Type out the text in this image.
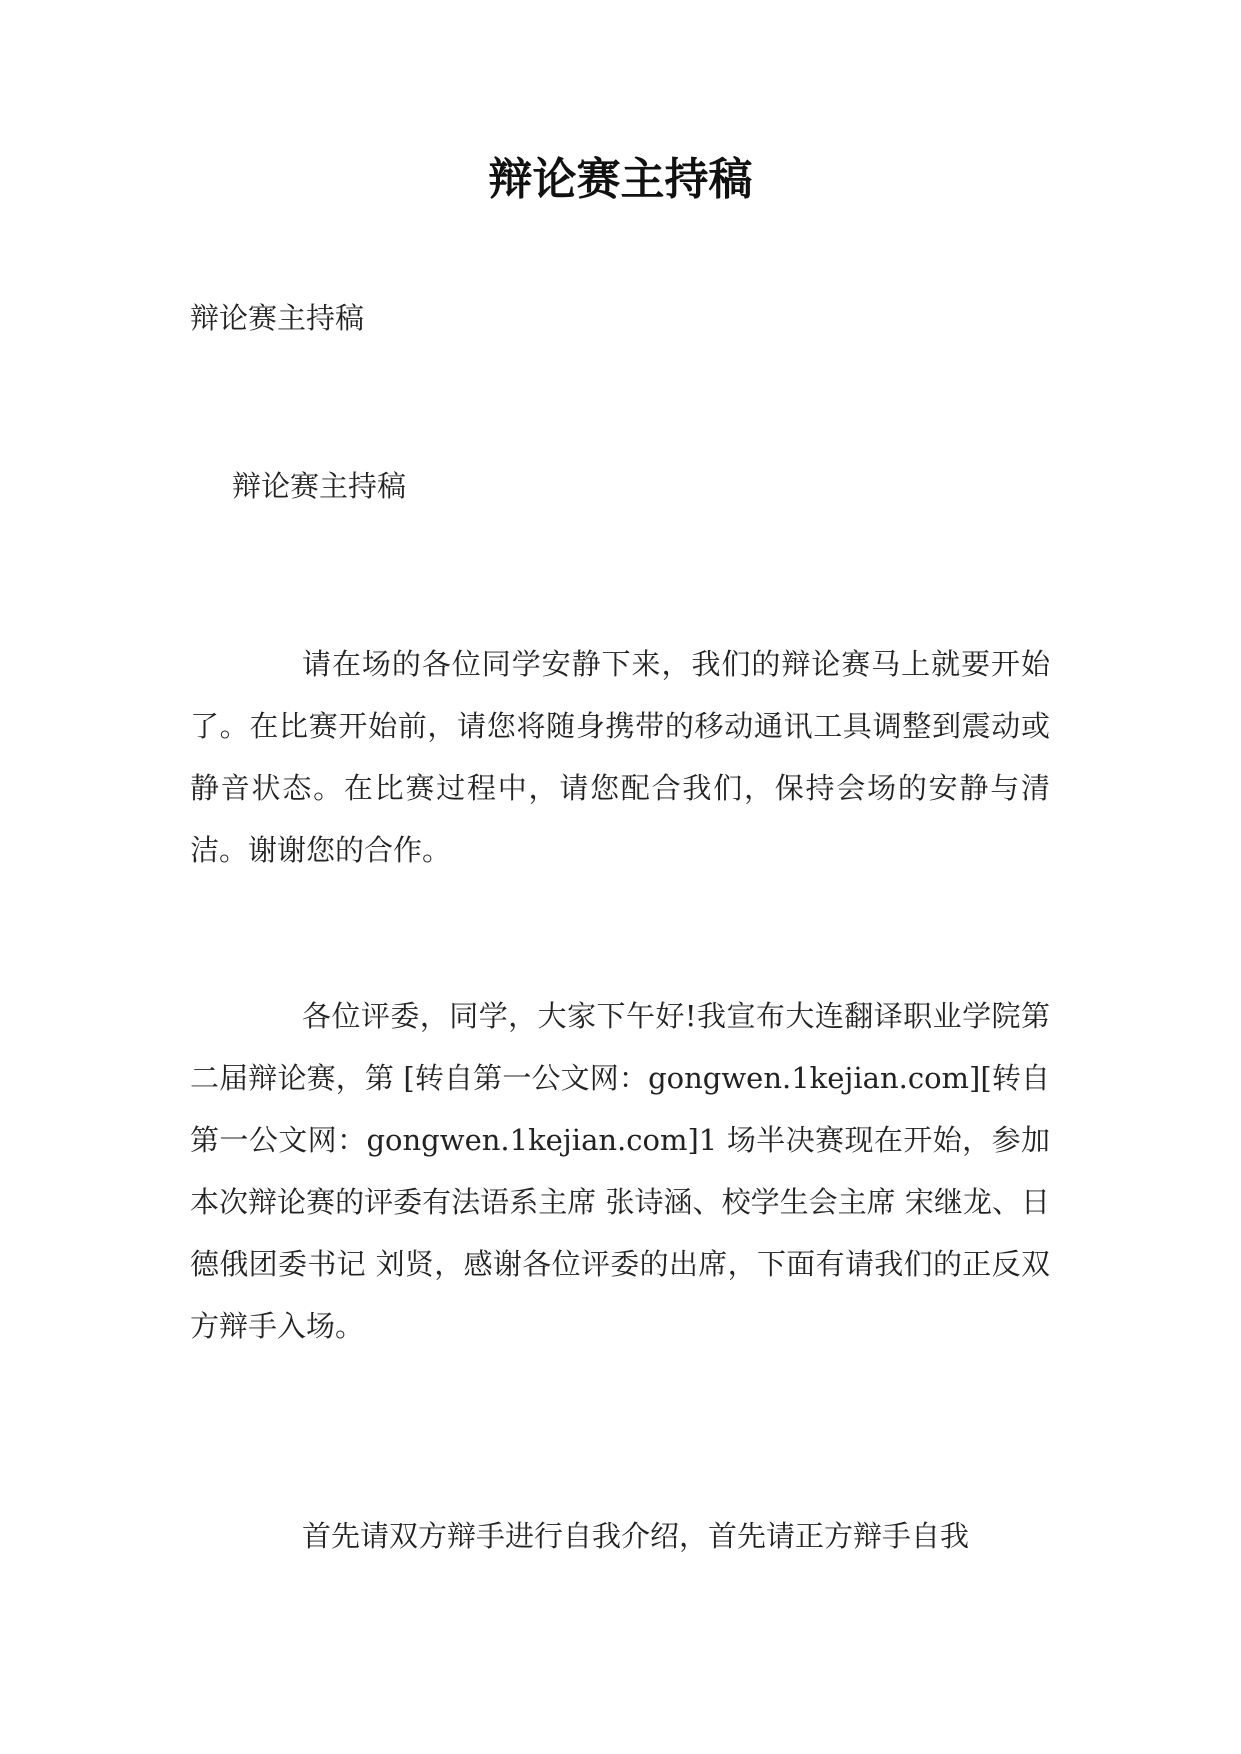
辩论赛主持稿

辩论赛主持稿

辩论赛主持稿

请在场的各位同学安静下来，我们的辩论赛马上就要开始了。在比赛开始前，请您将随身携带的移动通讯工具调整到震动或静音状态。在比赛过程中，请您配合我们，保持会场的安静与清洁。谢谢您的合作。

各位评委，同学，大家下午好!我宣布大连翻译职业学院第二届辩论赛，第 [转自第一公文网：gongwen.1kejian.com][转自第一公文网：gongwen.1kejian.com]1 场半决赛现在开始，参加本次辩论赛的评委有法语系主席 张诗涵、校学生会主席 宋继龙、日德俄团委书记 刘贤，感谢各位评委的出席，下面有请我们的正反双方辩手入场。

首先请双方辩手进行自我介绍，首先请正方辩手自我
